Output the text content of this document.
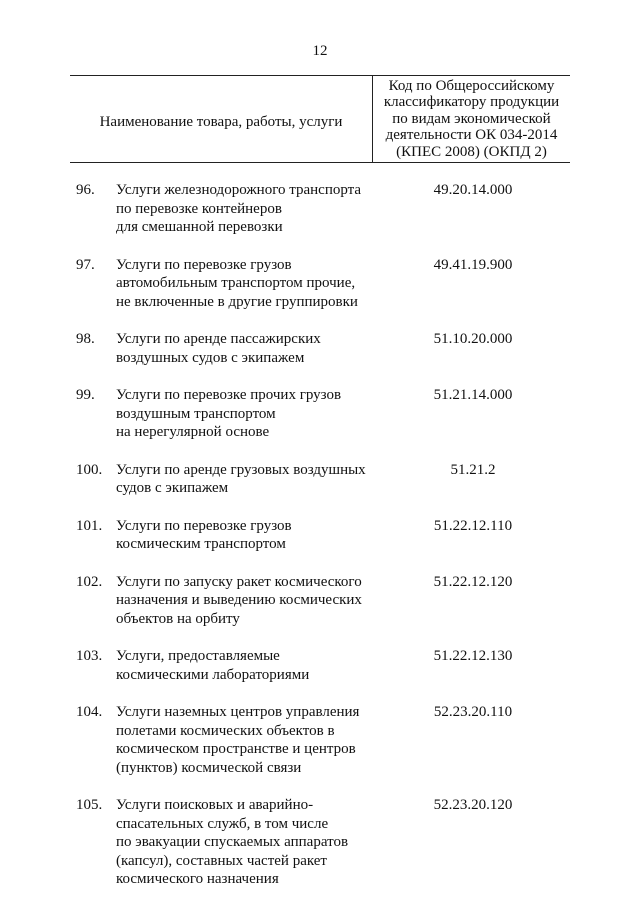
12
Наименование товара, работы, услуги
Код по Общероссийскому
классификатору продукции
по видам экономической
деятельности ОК 034-2014
(КПЕС 2008) (ОКПД 2)
96.	Услуги железнодорожного транспорта
по перевозке контейнеров
для смешанной перевозки
49.20.14.000
97.	Услуги по перевозке грузов
автомобильным транспортом прочие,
не включенные в другие группировки
49.41.19.900
98.	Услуги по аренде пассажирских
воздушных судов с экипажем
51.10.20.000
99.	Услуги по перевозке прочих грузов
воздушным транспортом
на нерегулярной основе
51.21.14.000
100. Услуги по аренде грузовых воздушных
судов с экипажем
51.21.2
101. Услуги по перевозке грузов
космическим транспортом
51.22.12.110
102. Услуги по запуску ракет космического
назначения и выведению космических
объектов на орбиту
51.22.12.120
103. Услуги, предоставляемые
космическими лабораториями
51.22.12.130
104. Услуги наземных центров управления
полетами космических объектов в
космическом пространстве и центров
(пунктов) космической связи
52.23.20.110
105. Услуги поисковых и аварийно-
спасательных служб, в том числе
по эвакуации спускаемых аппаратов
(капсул), составных частей ракет
космического назначения
52.23.20.120
